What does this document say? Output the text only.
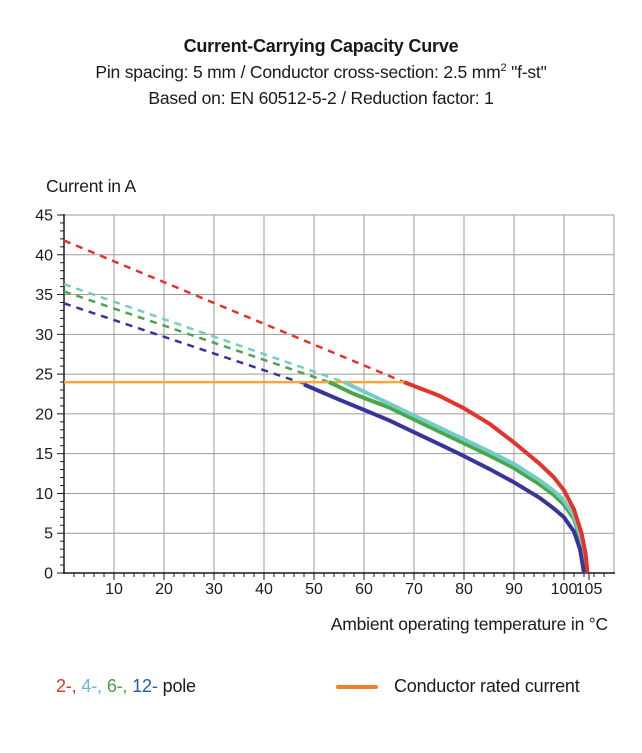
Current-Carrying Capacity Curve
Pin spacing: 5 mm / Conductor cross-section: 2.5 $mm^2$ "f-st"
Based on: EN 60512-5-2 / Reduction factor: 1
Current in A
10 20 30 40 50 60 70 80 90 100
105
0
5
10
15
20
25
30
35
40
45
Ambient operating temperature in °C
2-, 4-, 6-, 12- pole	Conductor rated current
